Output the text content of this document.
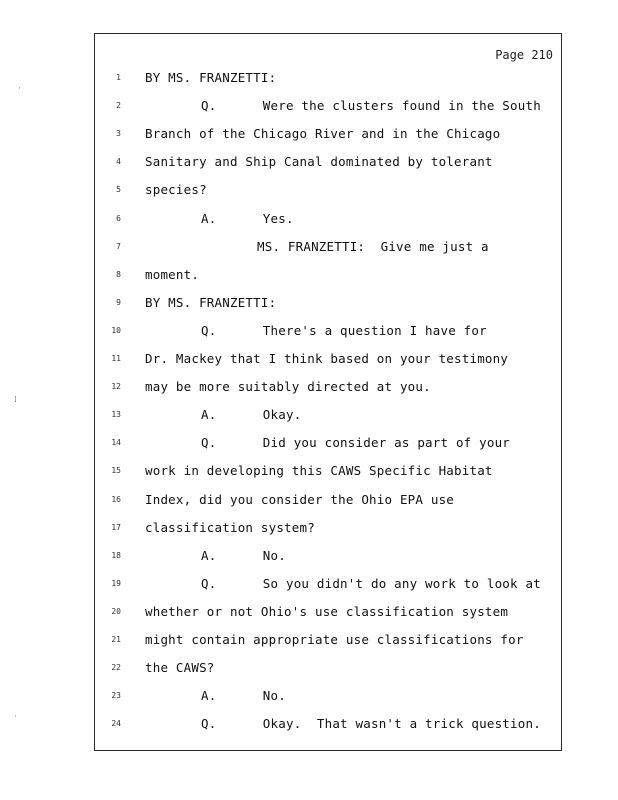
Page 210
1 BY MS. FRANZETTI:
2	Q.      Were the clusters found in the South
3 Branch of the Chicago River and in the Chicago
4 Sanitary and Ship Canal dominated by tolerant
5 species?
6	A.      Yes.
7	MS. FRANZETTI:  Give me just a
8 moment.
9 BY MS. FRANZETTI:
10	Q.      There's a question I have for
11 Dr. Mackey that I think based on your testimony
12 may be more suitably directed at you.
13	A.      Okay.
14	Q.      Did you consider as part of your
15 work in developing this CAWS Specific Habitat
16 Index, did you consider the Ohio EPA use
17 classification system?
18	A.      No.
19	Q.      So you didn't do any work to look at
20 whether or not Ohio's use classification system
21 might contain appropriate use classifications for
22 the CAWS?
23	A.      No.
24	Q.      Okay.  That wasn't a trick question.
·
⁞
·
